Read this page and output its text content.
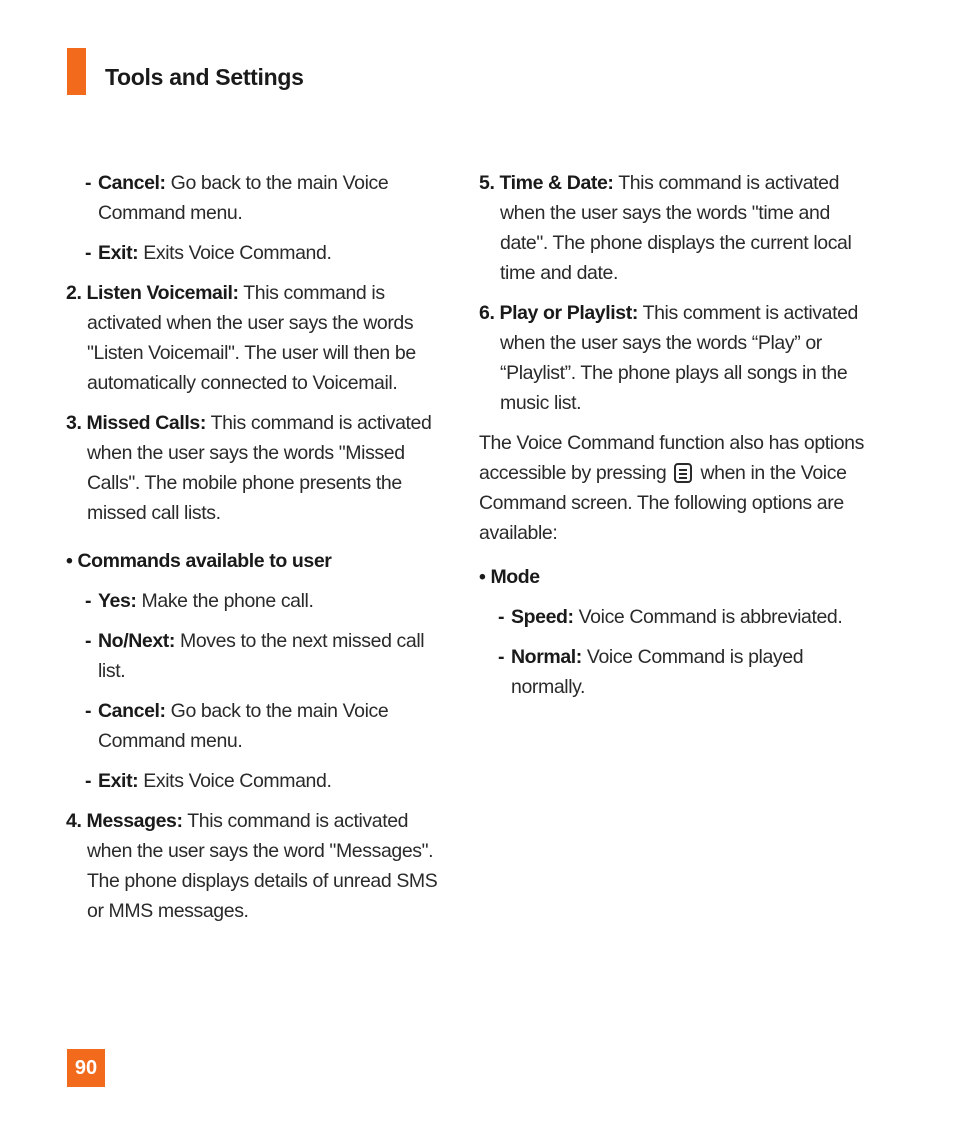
Tools and Settings
- Cancel: Go back to the main Voice Command menu.
- Exit: Exits Voice Command.
2. Listen Voicemail: This command is activated when the user says the words "Listen Voicemail". The user will then be automatically connected to Voicemail.
3. Missed Calls: This command is activated when the user says the words "Missed Calls". The mobile phone presents the missed call lists.
• Commands available to user
- Yes: Make the phone call.
- No/Next: Moves to the next missed call list.
- Cancel: Go back to the main Voice Command menu.
- Exit: Exits Voice Command.
4. Messages: This command is activated when the user says the word "Messages". The phone displays details of unread SMS or MMS messages.
5. Time & Date: This command is activated when the user says the words "time and date". The phone displays the current local time and date.
6. Play or Playlist: This comment is activated when the user says the words “Play” or “Playlist”. The phone plays all songs in the music list.
The Voice Command function also has options accessible by pressing when in the Voice Command screen. The following options are available:
• Mode
- Speed: Voice Command is abbreviated.
- Normal: Voice Command is played normally.
90
